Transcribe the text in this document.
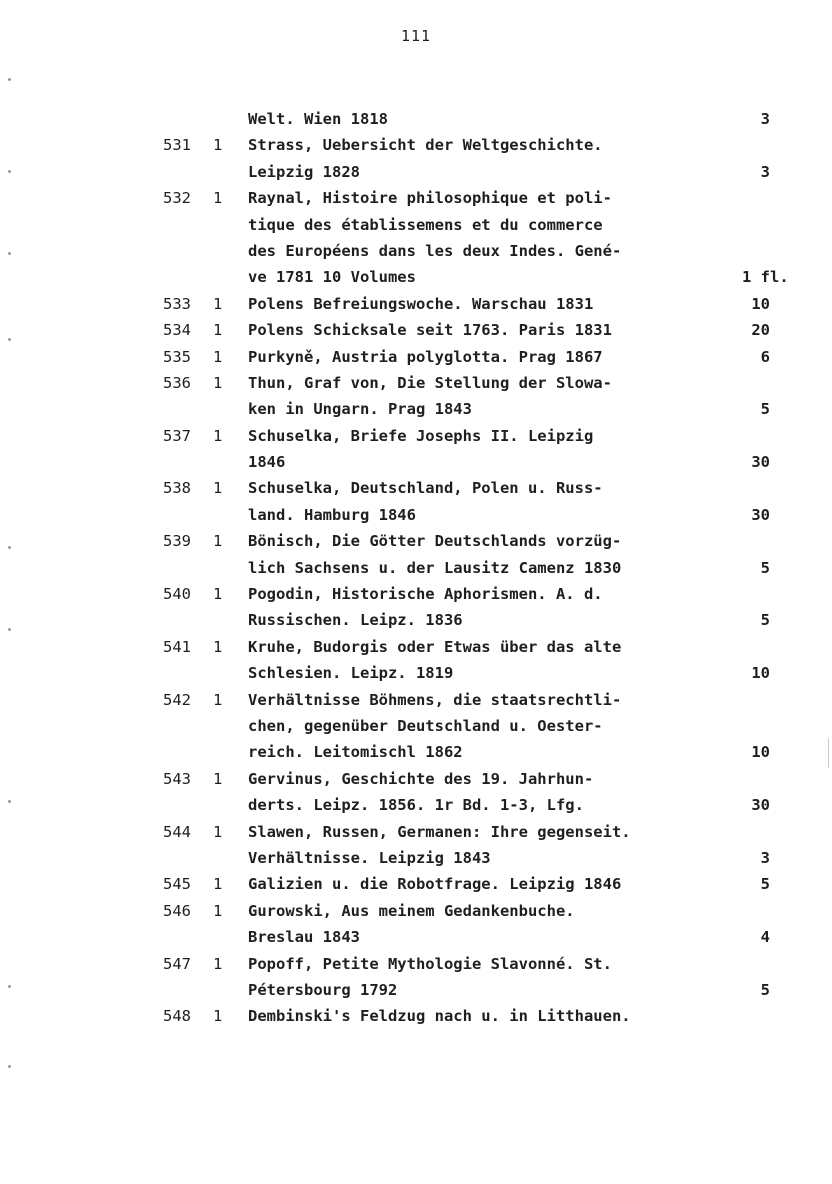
111
Welt. Wien 1818	3
531 1 Strass, Uebersicht der Weltgeschichte.
Leipzig 1828	3
532 1 Raynal, Histoire philosophique et poli-
tique des établissemens et du commerce
des Européens dans les deux Indes. Gené-
ve 1781 10 Volumes	1 fl.
533 1 Polens Befreiungswoche. Warschau 1831	10
534 1 Polens Schicksale seit 1763. Paris 1831	20
535 1 Purkyně, Austria polyglotta. Prag 1867	6
536 1 Thun, Graf von, Die Stellung der Slowa-
ken in Ungarn. Prag 1843	5
537 1 Schuselka, Briefe Josephs II. Leipzig
1846	30
538 1 Schuselka, Deutschland, Polen u. Russ-
land. Hamburg 1846	30
539 1 Bönisch, Die Götter Deutschlands vorzüg-
lich Sachsens u. der Lausitz Camenz 1830	5
540 1 Pogodin, Historische Aphorismen. A. d.
Russischen. Leipz. 1836	5
541 1 Kruhe, Budorgis oder Etwas über das alte
Schlesien. Leipz. 1819	10
542 1 Verhältnisse Böhmens, die staatsrechtli-
chen, gegenüber Deutschland u. Oester-
reich. Leitomischl 1862	10
543 1 Gervinus, Geschichte des 19. Jahrhun-
derts. Leipz. 1856. 1r Bd. 1-3, Lfg.	30
544 1 Slawen, Russen, Germanen: Ihre gegenseit.
Verhältnisse. Leipzig 1843	3
545 1 Galizien u. die Robotfrage. Leipzig 1846	5
546 1 Gurowski, Aus meinem Gedankenbuche.
Breslau 1843	4
547 1 Popoff, Petite Mythologie Slavonné. St.
Pétersbourg 1792	5
548 1 Dembinski's Feldzug nach u. in Litthauen.
